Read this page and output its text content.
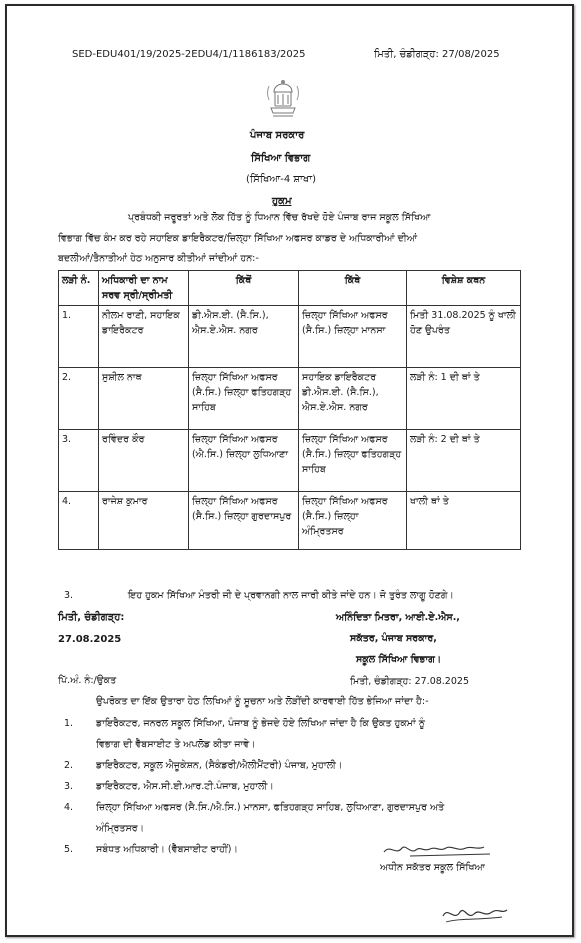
SED-EDU401/19/2025-2EDU4/1/1186183/2025	ਮਿਤੀ, ਚੰਡੀਗੜ੍ਹ: 27/08/2025
ਪੰਜਾਬ ਸਰਕਾਰ
ਸਿੱਖਿਆ ਵਿਭਾਗ
(ਸਿੱਖਿਆ-4 ਸ਼ਾਖਾ)
ਹੁਕਮ
ਪ੍ਰਬੰਧਕੀ ਜਰੂਰਤਾਂ ਅਤੇ ਲੋਕ ਹਿੱਤ ਨੂੰ ਧਿਆਨ ਵਿੱਚ ਰੱਖਦੇ ਹੋਏ ਪੰਜਾਬ ਰਾਜ ਸਕੂਲ ਸਿੱਖਿਆ
ਵਿਭਾਗ ਵਿੱਚ ਕੰਮ ਕਰ ਰਹੇ ਸਹਾਇਕ ਡਾਇਰੈਕਟਰ/ਜ਼ਿਲ੍ਹਾ ਸਿੱਖਿਆ ਅਫਸਰ ਕਾਡਰ ਦੇ ਅਧਿਕਾਰੀਆਂ ਦੀਆਂ
ਬਦਲੀਆਂ/ਤੈਨਾਤੀਆਂ ਹੇਠ ਅਨੁਸਾਰ ਕੀਤੀਆਂ ਜਾਂਦੀਆਂ ਹਨ:-
ਲੜੀ ਨੰ.	ਅਧਿਕਾਰੀ ਦਾ ਨਾਮ ਸਰਵ ਸ੍ਰੀ/ਸ੍ਰੀਮਤੀ	ਕਿੱਥੋਂ	ਕਿੱਥੇ	ਵਿਸ਼ੇਸ਼ ਕਥਨ
1.	ਨੀਲਮ ਰਾਣੀ, ਸਹਾਇਕ ਡਾਇਰੈਕਟਰ	ਡੀ.ਐਸ.ਈ. (ਸੈ.ਸਿ.), ਐਸ.ਏ.ਐਸ. ਨਗਰ	ਜ਼ਿਲ੍ਹਾ ਸਿੱਖਿਆ ਅਫਸਰ (ਸੈ.ਸਿ.) ਜ਼ਿਲ੍ਹਾ ਮਾਨਸਾ	ਮਿਤੀ 31.08.2025 ਨੂੰ ਖਾਲੀ ਹੋਣ ਉਪਰੰਤ
2.	ਸੁਸ਼ੀਲ ਨਾਥ	ਜ਼ਿਲ੍ਹਾ ਸਿੱਖਿਆ ਅਫਸਰ (ਸੈ.ਸਿ.) ਜ਼ਿਲ੍ਹਾ ਫਤਿਹਗੜ੍ਹ ਸਾਹਿਬ	ਸਹਾਇਕ ਡਾਇਰੈਕਟਰ ਡੀ.ਐਸ.ਈ. (ਸੈ.ਸਿ.), ਐਸ.ਏ.ਐਸ. ਨਗਰ	ਲੜੀ ਨੰ: 1 ਦੀ ਥਾਂ ਤੇ
3.	ਰਵਿੰਦਰ ਕੌਰ	ਜ਼ਿਲ੍ਹਾ ਸਿੱਖਿਆ ਅਫਸਰ (ਐ.ਸਿ.) ਜ਼ਿਲ੍ਹਾ ਲੁਧਿਆਣਾ	ਜ਼ਿਲ੍ਹਾ ਸਿੱਖਿਆ ਅਫਸਰ (ਸੈ.ਸਿ.) ਜ਼ਿਲ੍ਹਾ ਫਤਿਹਗੜ੍ਹ ਸਾਹਿਬ	ਲੜੀ ਨੰ: 2 ਦੀ ਥਾਂ ਤੇ
4.	ਰਾਜੇਸ਼ ਕੁਮਾਰ	ਜ਼ਿਲ੍ਹਾ ਸਿੱਖਿਆ ਅਫਸਰ (ਸੈ.ਸਿ.) ਜ਼ਿਲ੍ਹਾ ਗੁਰਦਾਸਪੁਰ	ਜ਼ਿਲ੍ਹਾ ਸਿੱਖਿਆ ਅਫਸਰ (ਸੈ.ਸਿ.) ਜ਼ਿਲ੍ਹਾ ਅੰਮ੍ਰਿਤਸਰ	ਖਾਲੀ ਥਾਂ ਤੇ
3.	ਇਹ ਹੁਕਮ ਸਿੱਖਿਆ ਮੰਤਰੀ ਜੀ ਦੇ ਪ੍ਰਵਾਨਗੀ ਨਾਲ ਜਾਰੀ ਕੀਤੇ ਜਾਂਦੇ ਹਨ। ਜੋ ਤੁਰੰਤ ਲਾਗੂ ਹੋਣਗੇ।
ਮਿਤੀ, ਚੰਡੀਗੜ੍ਹ:
27.08.2025
ਅਨਿੰਦਿਤਾ ਮਿਤਰਾ, ਆਈ.ਏ.ਐਸ.,
ਸਕੱਤਰ, ਪੰਜਾਬ ਸਰਕਾਰ,
ਸਕੂਲ ਸਿੱਖਿਆ ਵਿਭਾਗ।
ਪਿੱ.ਅੰ. ਨੰ:/ਉਕਤ	ਮਿਤੀ, ਚੰਡੀਗੜ੍ਹ: 27.08.2025
ਉਪਰੋਕਤ ਦਾ ਇੱਕ ਉਤਾਰਾ ਹੇਠ ਲਿਖਿਆਂ ਨੂੰ ਸੂਚਨਾ ਅਤੇ ਲੋੜੀਂਦੀ ਕਾਰਵਾਈ ਹਿੱਤ ਭੇਜਿਆ ਜਾਂਦਾ ਹੈ:-
1. ਡਾਇਰੈਕਟਰ, ਜਨਰਲ ਸਕੂਲ ਸਿੱਖਿਆ, ਪੰਜਾਬ ਨੂੰ ਭੇਜਦੇ ਹੋਏ ਲਿਖਿਆ ਜਾਂਦਾ ਹੈ ਕਿ ਉਕਤ ਹੁਕਮਾਂ ਨੂੰ
ਵਿਭਾਗ ਦੀ ਵੈੱਬਸਾਈਟ ਤੇ ਅਪਲੋਡ ਕੀਤਾ ਜਾਵੇ।
2. ਡਾਇਰੈਕਟਰ, ਸਕੂਲ ਐਜੂਕੇਸ਼ਨ, (ਸੈਕੰਡਰੀ/ਐਲੀਮੈਂਟਰੀ) ਪੰਜਾਬ, ਮੁਹਾਲੀ।
3. ਡਾਇਰੈਕਟਰ, ਐਸ.ਸੀ.ਈ.ਆਰ.ਟੀ.ਪੰਜਾਬ, ਮੁਹਾਲੀ।
4. ਜ਼ਿਲ੍ਹਾ ਸਿੱਖਿਆ ਅਫਸਰ (ਸੈ.ਸਿ./ਐ.ਸਿ.) ਮਾਨਸਾ, ਫਤਿਹਗੜ੍ਹ ਸਾਹਿਬ, ਲੁਧਿਆਣਾ, ਗੁਰਦਾਸਪੁਰ ਅਤੇ
ਅੰਮ੍ਰਿਤਸਰ।
5. ਸਬੰਧਤ ਅਧਿਕਾਰੀ। (ਵੈੱਬਸਾਈਟ ਰਾਹੀਂ)।
ਅਧੀਨ ਸਕੱਤਰ ਸਕੂਲ ਸਿੱਖਿਆ
